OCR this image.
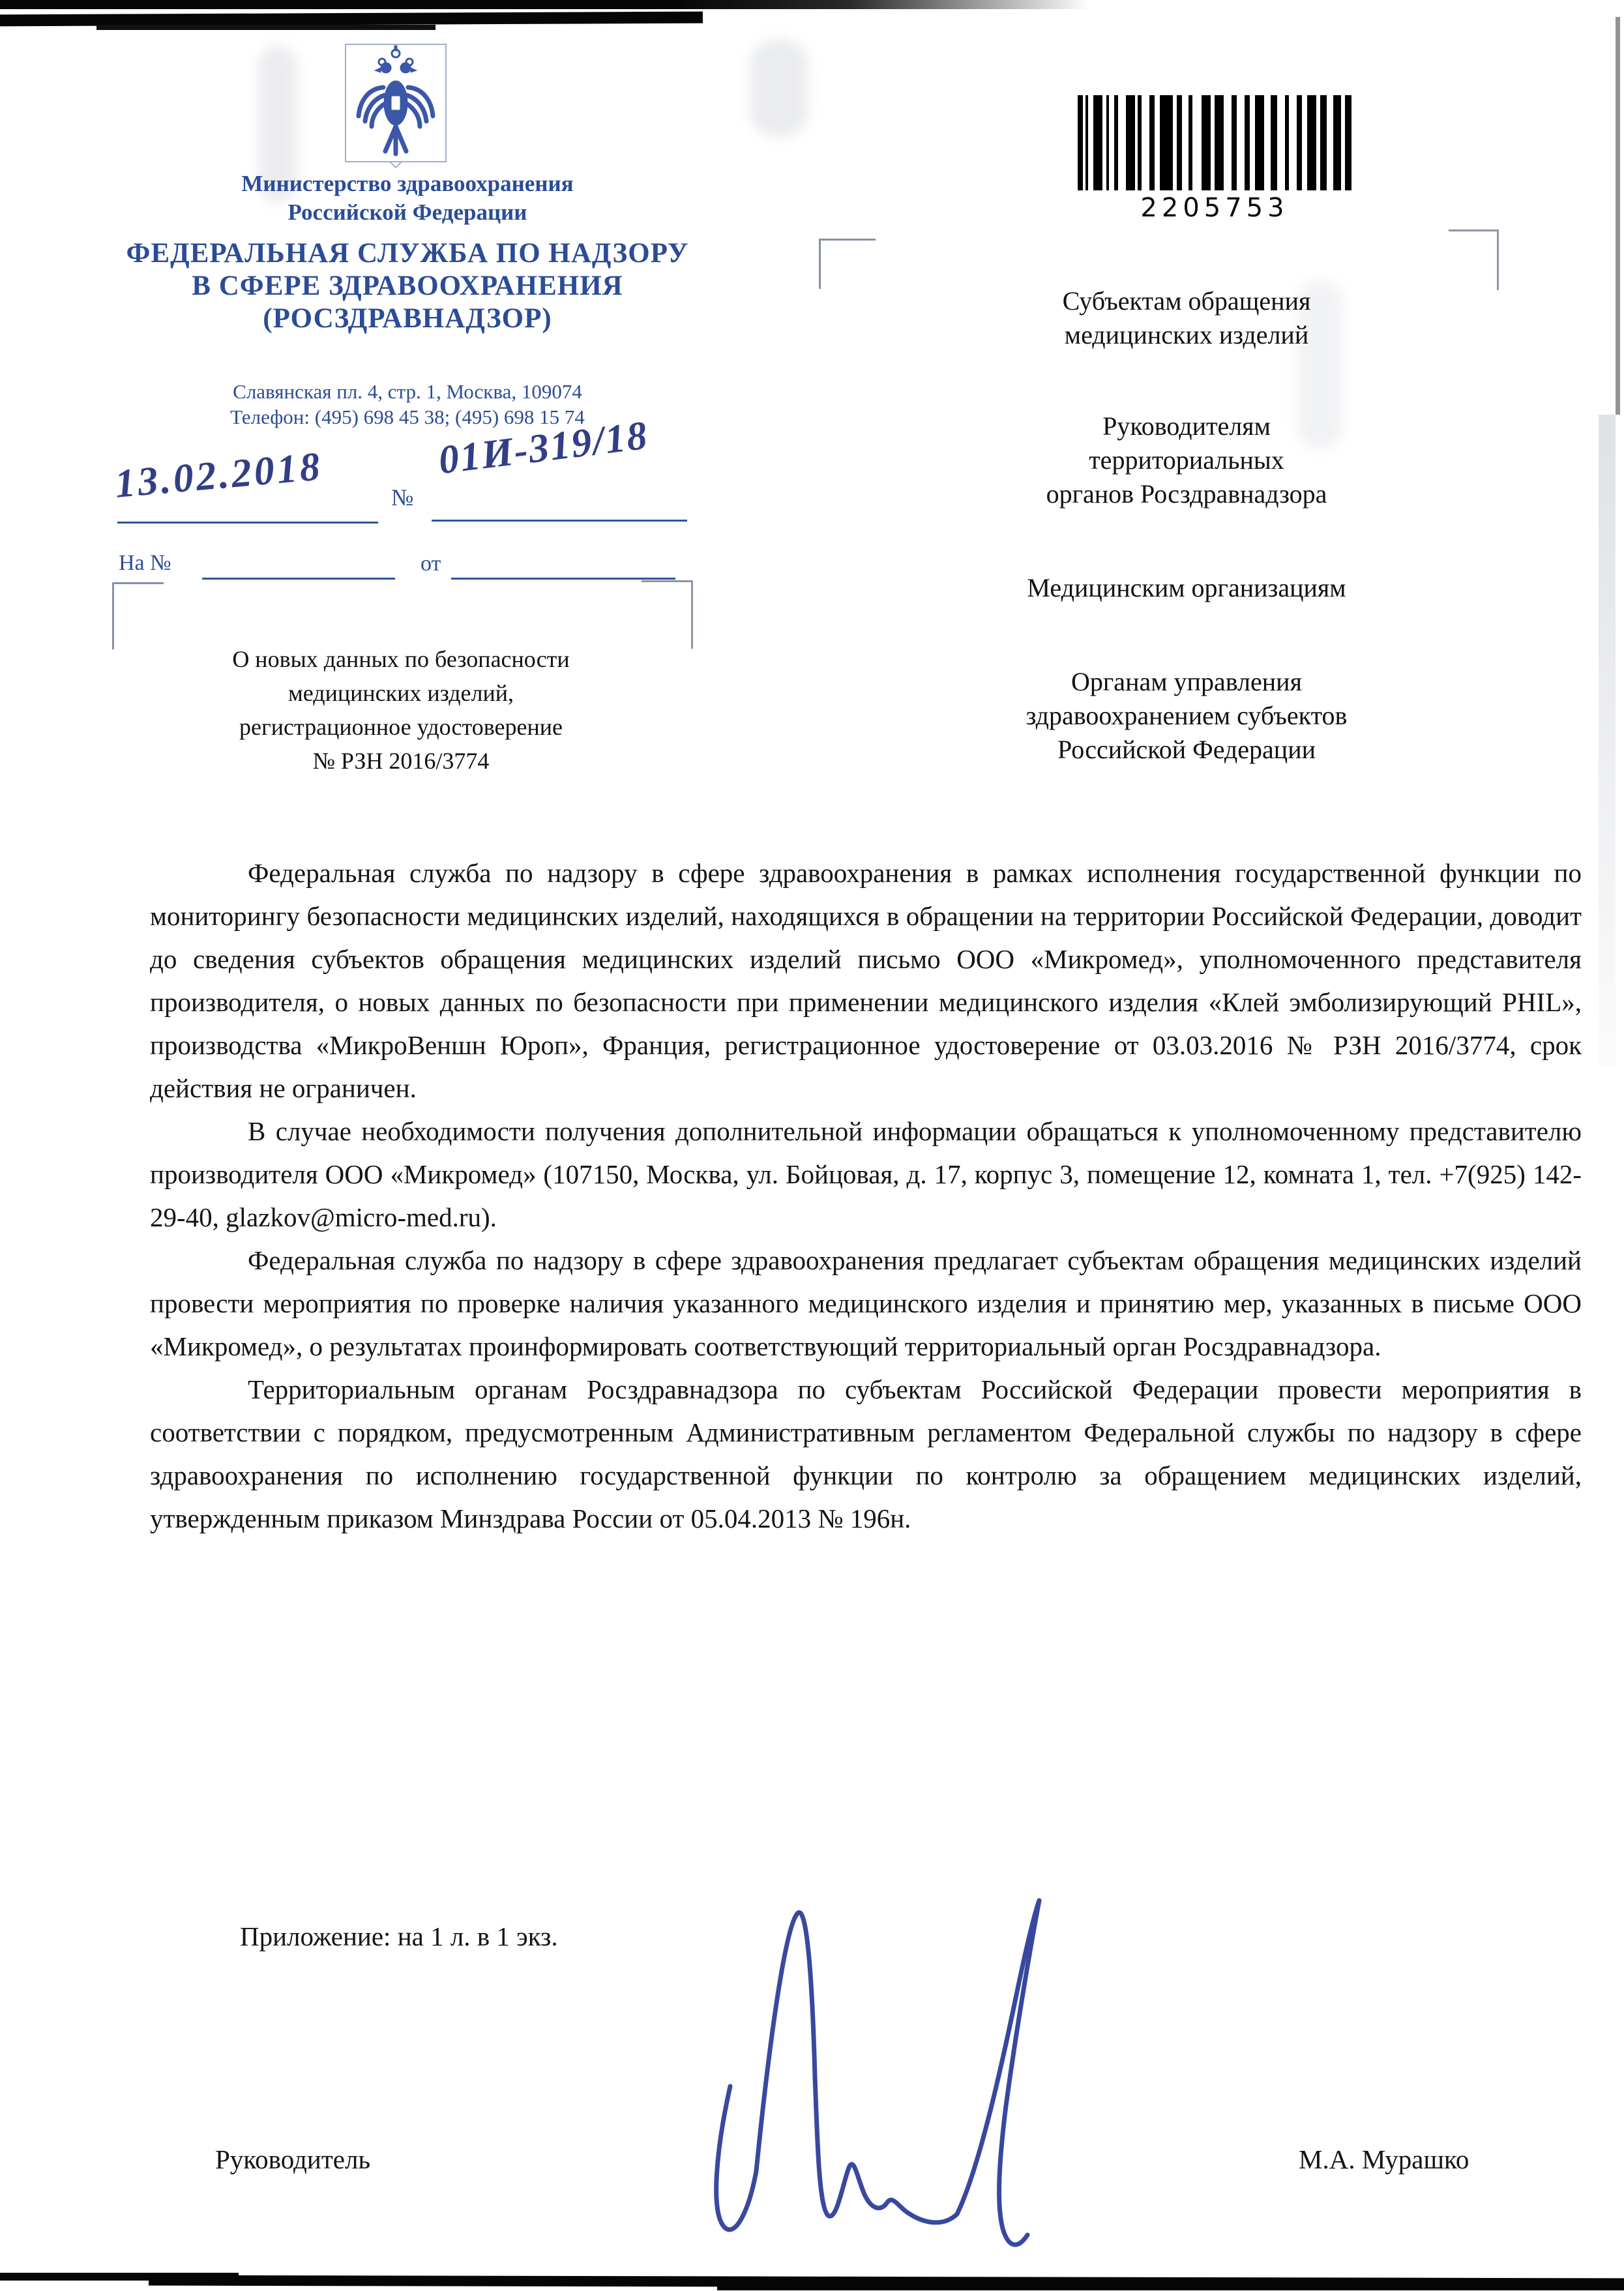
Министерство здравоохранения
Российской Федерации
ФЕДЕРАЛЬНАЯ СЛУЖБА ПО НАДЗОРУ
В СФЕРЕ ЗДРАВООХРАНЕНИЯ
(РОСЗДРАВНАДЗОР)
Славянская пл. 4, стр. 1, Москва, 109074
Телефон: (495) 698 45 38; (495) 698 15 74
2205753
13.02.2018	№
01И-319/18
На №	от
О новых данных по безопасности
медицинских изделий,
регистрационное удостоверение
№ РЗН 2016/3774
Субъектам обращения
медицинских изделий
Руководителям
территориальных
органов Росздравнадзора
Медицинским организациям
Органам управления
здравоохранением субъектов
Российской Федерации

Федеральная служба по надзору в сфере здравоохранения в рамках исполнения государственной функции по мониторингу безопасности медицинских изделий, находящихся в обращении на территории Российской Федерации, доводит до сведения субъектов обращения медицинских изделий письмо ООО «Микромед», уполномоченного представителя производителя, о новых данных по безопасности при применении медицинского изделия «Клей эмболизирующий PHIL», производства «МикроВеншн Юроп», Франция, регистрационное удостоверение от 03.03.2016 № РЗН 2016/3774, срок действия не ограничен.

В случае необходимости получения дополнительной информации обращаться к уполномоченному представителю производителя ООО «Микромед» (107150, Москва, ул. Бойцовая, д. 17, корпус 3, помещение 12, комната 1, тел. +7(925) 142-29-40, glazkov@micro-med.ru).

Федеральная служба по надзору в сфере здравоохранения предлагает субъектам обращения медицинских изделий провести мероприятия по проверке наличия указанного медицинского изделия и принятию мер, указанных в письме ООО «Микромед», о результатах проинформировать соответствующий территориальный орган Росздравнадзора.

Территориальным органам Росздравнадзора по субъектам Российской Федерации провести мероприятия в соответствии с порядком, предусмотренным Административным регламентом Федеральной службы по надзору в сфере здравоохранения по исполнению государственной функции по контролю за обращением медицинских изделий, утвержденным приказом Минздрава России от 05.04.2013 № 196н.

Приложение: на 1 л. в 1 экз.
Руководитель	М.А. Мурашко
